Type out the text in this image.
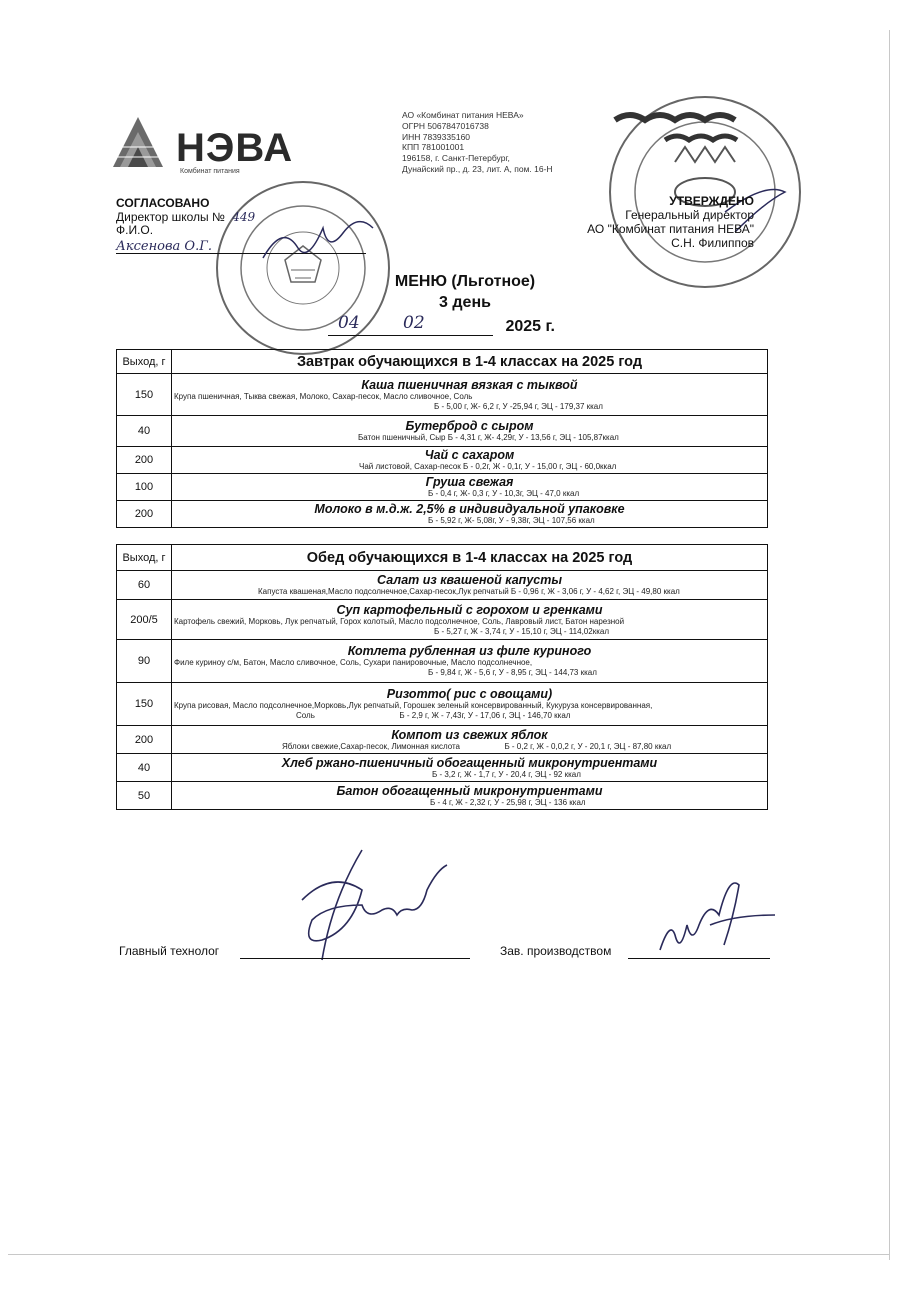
НЭВА
Комбинат питания
АО «Комбинат питания НЕВА»
ОГРН 5067847016738
ИНН 7839335160
КПП 781001001
196158, г. Санкт-Петербург,
Дунайский пр., д. 23, лит. А, пом. 16-Н
СОГЛАСОВАНО
Директор школы № 449
Ф.И.О.
Аксенова О.Г.
УТВЕРЖДЕНО
Генеральный директор
АО "Комбинат питания НЕВА"
С.Н. Филиппов
МЕНЮ (Льготное)
3 день
04	02	2025 г.
Выход, г	Завтрак обучающихся в 1-4 классах на 2025 год
150	Каша пшеничная вязкая с тыквой
Крупа пшеничная, Тыква свежая, Молоко, Сахар-песок, Масло сливочное, Соль
Б - 5,00 г, Ж- 6,2 г, У -25,94 г, ЭЦ - 179,37 ккал

40	Бутерброд с сыром
Батон пшеничный, Сыр Б - 4,31 г, Ж- 4,29г, У - 13,56 г, ЭЦ - 105,87ккал

200	Чай с сахаром
Чай листовой, Сахар-песок Б - 0,2г, Ж - 0,1г, У - 15,00 г, ЭЦ - 60,0ккал

100	Груша свежая
Б - 0,4 г, Ж- 0,3 г, У - 10,3г, ЭЦ - 47,0 ккал

200	Молоко в м.д.ж. 2,5% в индивидуальной упаковке
Б - 5,92 г, Ж- 5,08г, У - 9,38г, ЭЦ - 107,56 ккал
Выход, г	Обед обучающихся в 1-4 классах на 2025 год
60	Салат из квашеной капусты
Капуста квашеная,Масло подсолнечное,Сахар-песок,Лук репчатый Б - 0,96 г, Ж - 3,06 г, У - 4,62 г, ЭЦ - 49,80 ккал

200/5	Суп картофельный с горохом и гренками
Картофель свежий, Морковь, Лук репчатый, Горох колотый, Масло подсолнечное, Соль, Лавровый лист, Батон нарезной
Б - 5,27 г, Ж - 3,74 г, У - 15,10 г, ЭЦ - 114,02ккал

90	Котлета рубленная из филе куриного
Филе куриноу с/м, Батон, Масло сливочное, Соль, Сухари панировочные, Масло подсолнечное,
Б - 9,84 г, Ж - 5,6 г, У - 8,95 г, ЭЦ - 144,73 ккал

150	Ризотто( рис с овощами)
Крупа рисовая, Масло подсолнечное,Морковь,Лук репчатый, Горошек зеленый консервированный, Кукуруза консервированная,
Соль                                      Б - 2,9 г, Ж - 7,43г, У - 17,06 г, ЭЦ - 146,70 ккал

200	Компот из свежих яблок
Яблоки свежие,Сахар-песок, Лимонная кислота                    Б - 0,2 г, Ж - 0,0,2 г, У - 20,1 г, ЭЦ - 87,80 ккал

40	Хлеб ржано-пшеничный обогащенный микронутриентами
Б - 3,2 г, Ж - 1,7 г, У - 20,4 г, ЭЦ - 92 ккал

50	Батон обогащенный микронутриентами
Б - 4 г, Ж - 2,32 г, У - 25,98 г, ЭЦ - 136 ккал
Главный технолог	Зав. производством
